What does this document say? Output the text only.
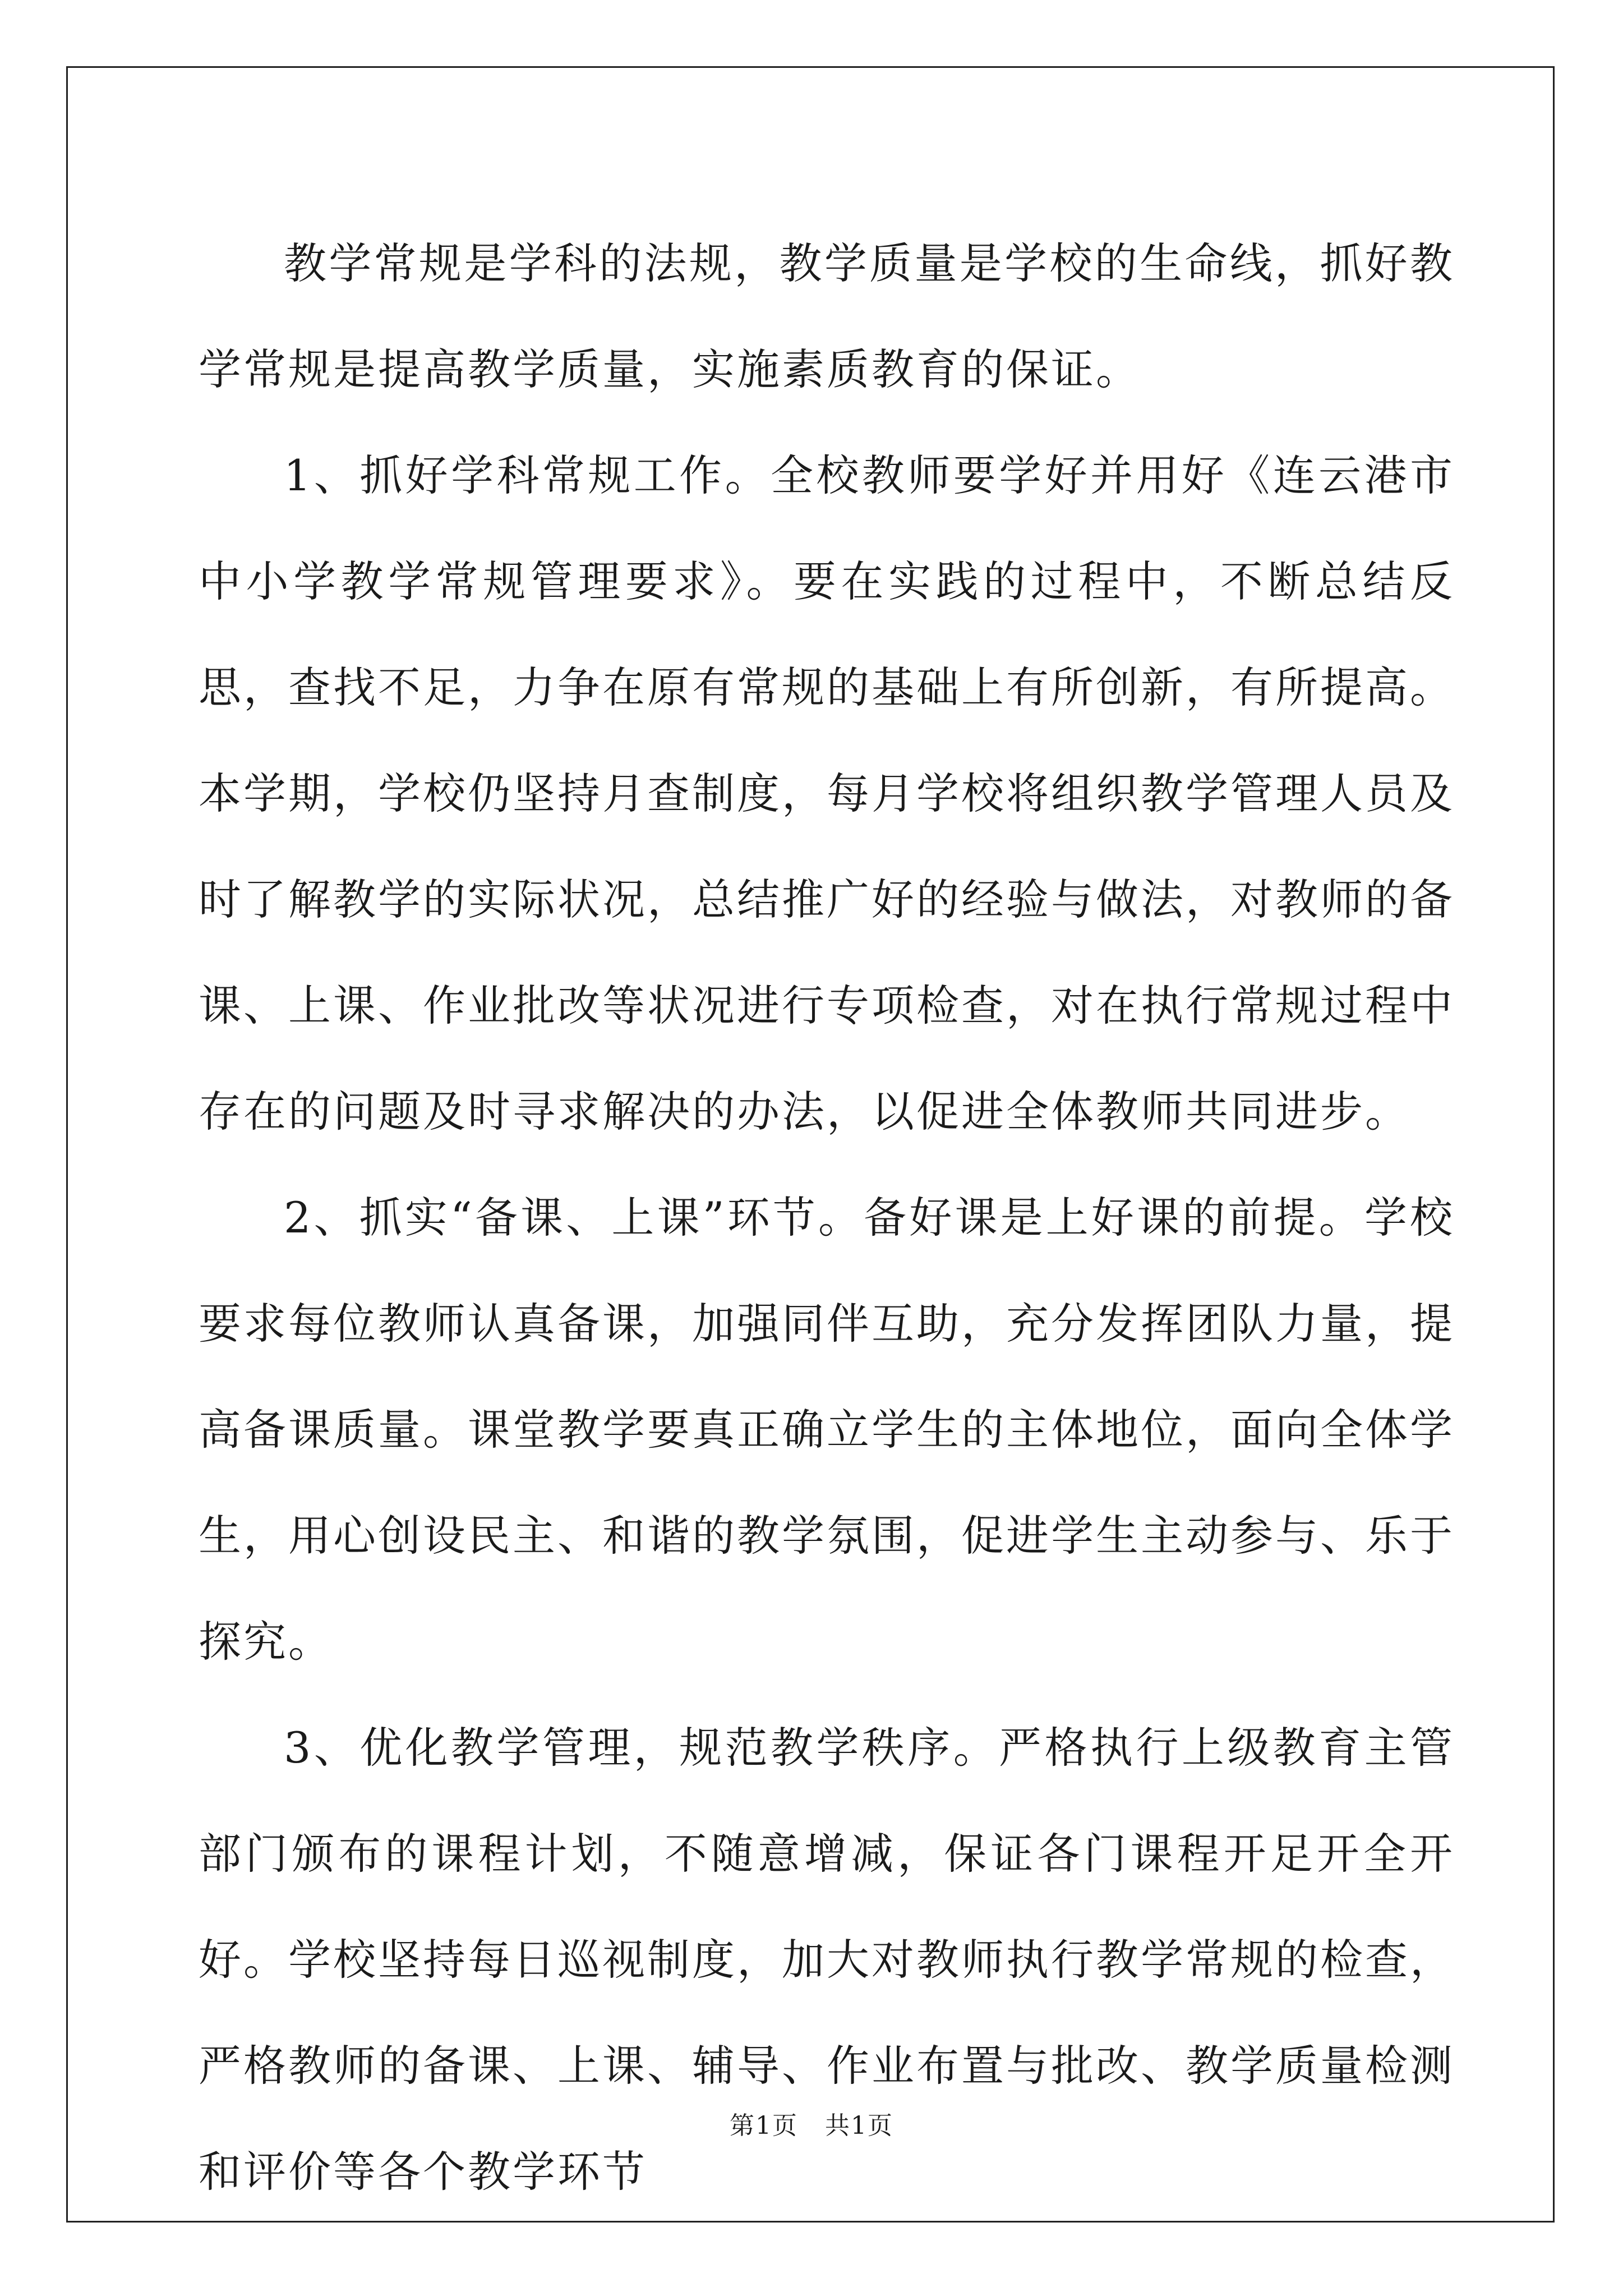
教学常规是学科的法规，教学质量是学校的生命线，抓好教学常规是提高教学质量，实施素质教育的保证。

1、抓好学科常规工作。全校教师要学好并用好《连云港市中小学教学常规管理要求》。要在实践的过程中，不断总结反思，查找不足，力争在原有常规的基础上有所创新，有所提高。本学期，学校仍坚持月查制度，每月学校将组织教学管理人员及时了解教学的实际状况，总结推广好的经验与做法，对教师的备课、上课、作业批改等状况进行专项检查，对在执行常规过程中存在的问题及时寻求解决的办法，以促进全体教师共同进步。

2、抓实“备课、上课”环节。备好课是上好课的前提。学校要求每位教师认真备课，加强同伴互助，充分发挥团队力量，提高备课质量。课堂教学要真正确立学生的主体地位，面向全体学生，用心创设民主、和谐的教学氛围，促进学生主动参与、乐于探究。

3、优化教学管理，规范教学秩序。严格执行上级教育主管部门颁布的课程计划，不随意增减，保证各门课程开足开全开好。学校坚持每日巡视制度，加大对教师执行教学常规的检查，严格教师的备课、上课、辅导、作业布置与批改、教学质量检测和评价等各个教学环节

第1页 共1页
